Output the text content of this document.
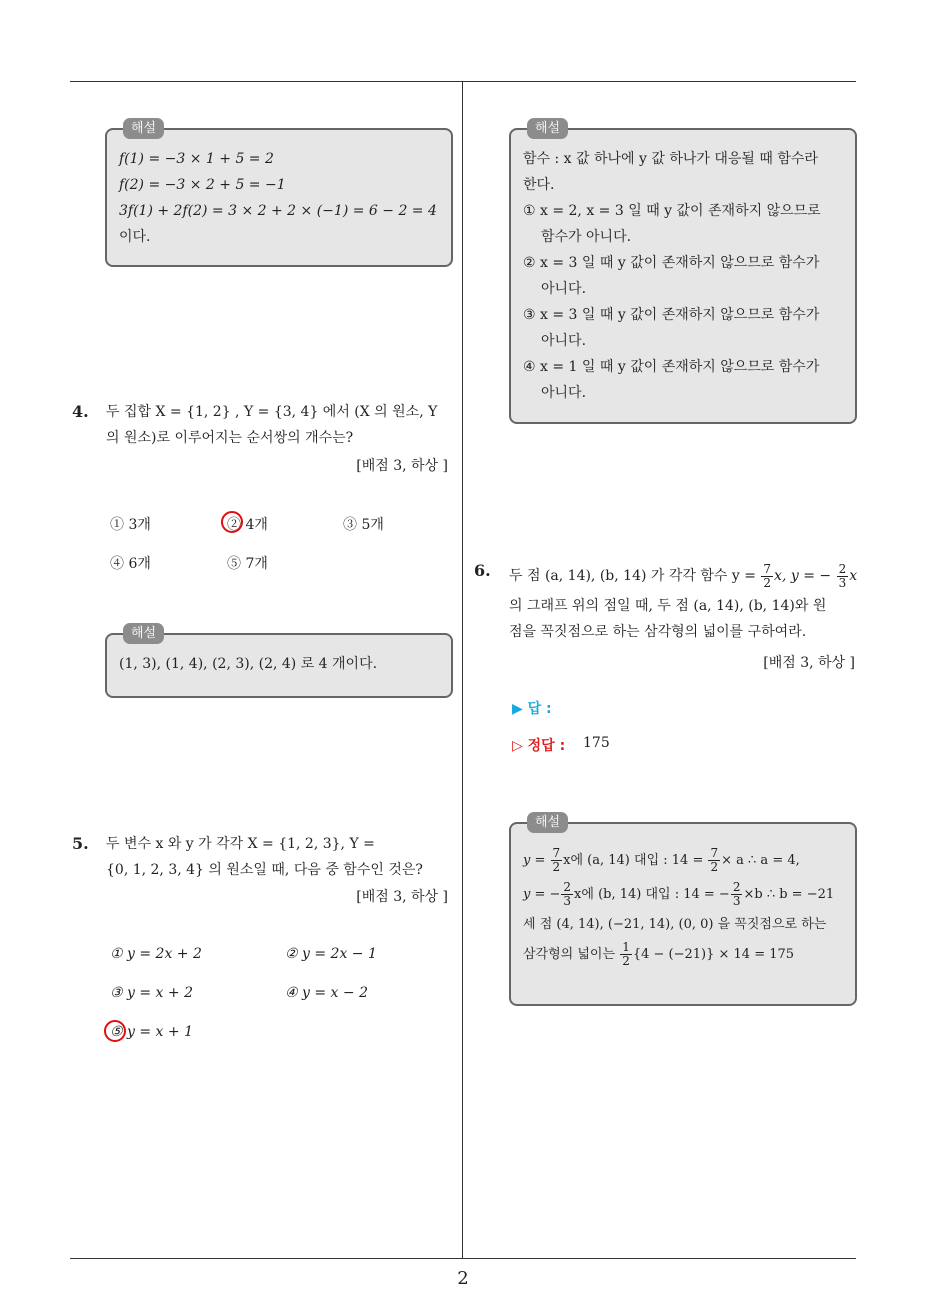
2
해설
f(1) = −3 × 1 + 5 = 2
f(2) = −3 × 2 + 5 = −1
3f(1) + 2f(2) = 3 × 2 + 2 × (−1) = 6 − 2 = 4
이다.
4. 두 집합 X = {1, 2} , Y = {3, 4} 에서 (X 의 원소, Y
의 원소)로 이루어지는 순서쌍의 개수는?
[배점 3, 하상 ]
① 3개	② 4개	③ 5개
④ 6개	⑤ 7개
해설
(1, 3), (1, 4), (2, 3), (2, 4) 로 4 개이다.
5. 두 변수 x 와 y 가 각각 X = {1, 2, 3}, Y =
{0, 1, 2, 3, 4} 의 원소일 때, 다음 중 함수인 것은?
[배점 3, 하상 ]
① y = 2x + 2	② y = 2x − 1
③ y = x + 2	④ y = x − 2
⑤ y = x + 1
해설
함수 : x 값 하나에 y 값 하나가 대응될 때 함수라
한다.
① x = 2, x = 3 일 때 y 값이 존재하지 않으므로
함수가 아니다.
② x = 3 일 때 y 값이 존재하지 않으므로 함수가
아니다.
③ x = 3 일 때 y 값이 존재하지 않으므로 함수가
아니다.
④ x = 1 일 때 y 값이 존재하지 않으므로 함수가
아니다.
6. 두 점 (a, 14), (b, 14) 가 각각 함수 $y = \frac{7}{2} x$, y = − $\frac{2}{3}$ x
의 그래프 위의 점일 때, 두 점 (a, 14), (b, 14)와 원
점을 꼭짓점으로 하는 삼각형의 넓이를 구하여라.
[배점 3, 하상 ]
▶ 답 :
▷ 정답 : 175
해설
$y = \frac{7}{2}$ x에 (a, 14) 대입 : $14 = \frac{7}{2} \times a$ ∴ a = 4,
y = − $\frac{2}{3}$ x에 (b, 14) 대입 : 14 = − $\frac{2}{3} \times b$ ∴ b = −21
세 점 (4, 14), (−21, 14), (0, 0) 을 꼭짓점으로 하는
삼각형의 넓이는 $\frac{1}{2} \{4 - (-21)\} \times 14 = 175$
